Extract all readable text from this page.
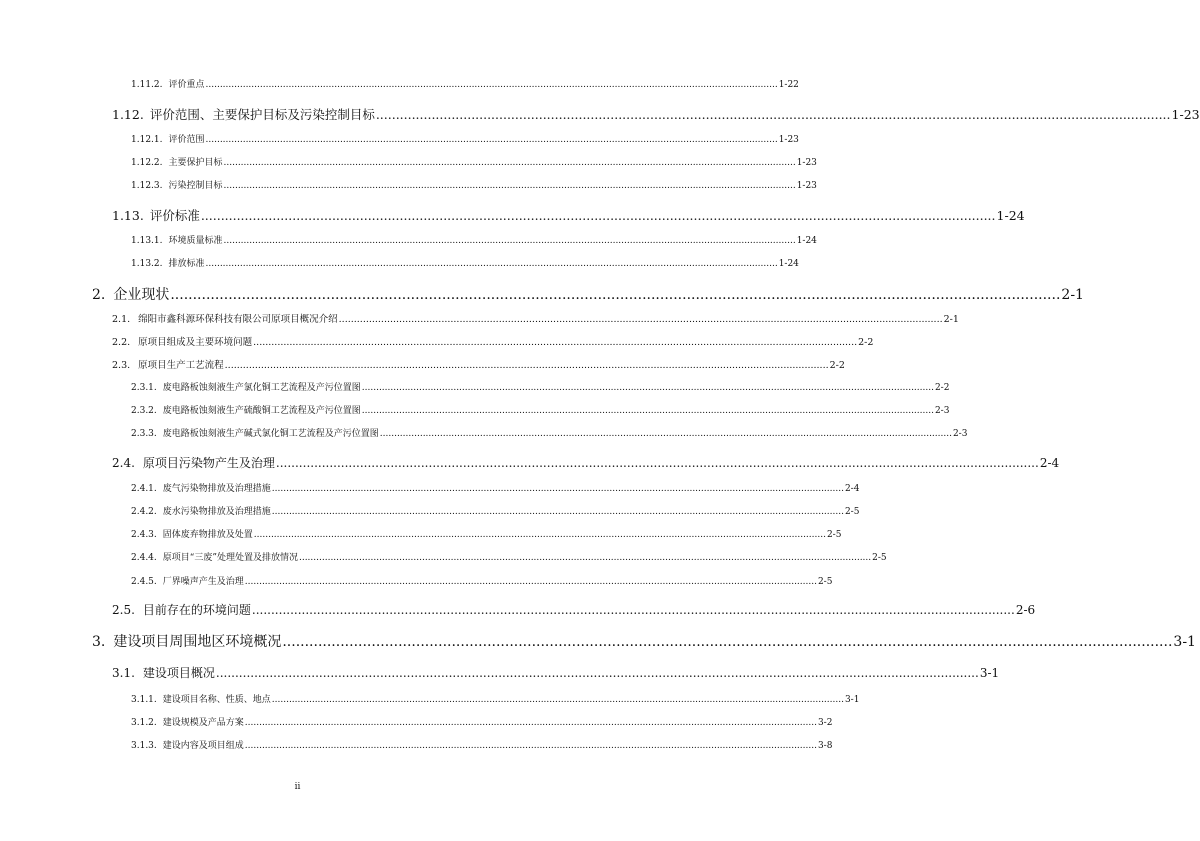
1.11.2. 评价重点 ........................................................................................................................................................................................................ 1-22
1.12. 评价范围、主要保护目标及污染控制目标 ........................................................................................................................................................................................................ 1-23
1.12.1. 评价范围 ........................................................................................................................................................................................................ 1-23
1.12.2. 主要保护目标 ........................................................................................................................................................................................................ 1-23
1.12.3. 污染控制目标 ........................................................................................................................................................................................................ 1-23
1.13. 评价标准 ........................................................................................................................................................................................................ 1-24
1.13.1. 环境质量标准 ........................................................................................................................................................................................................ 1-24
1.13.2. 排放标准 ........................................................................................................................................................................................................ 1-24
2. 企业现状 ........................................................................................................................................................................................................ 2-1
2.1. 绵阳市鑫科源环保科技有限公司原项目概况介绍 ........................................................................................................................................................................................................ 2-1
2.2. 原项目组成及主要环境问题 ........................................................................................................................................................................................................ 2-2
2.3. 原项目生产工艺流程 ........................................................................................................................................................................................................ 2-2
2.3.1. 废电路板蚀刻液生产氯化铜工艺流程及产污位置图 ........................................................................................................................................................................................................ 2-2
2.3.2. 废电路板蚀刻液生产硫酸铜工艺流程及产污位置图 ........................................................................................................................................................................................................ 2-3
2.3.3. 废电路板蚀刻液生产碱式氯化铜工艺流程及产污位置图 ........................................................................................................................................................................................................ 2-3
2.4. 原项目污染物产生及治理 ........................................................................................................................................................................................................ 2-4
2.4.1. 废气污染物排放及治理措施 ........................................................................................................................................................................................................ 2-4
2.4.2. 废水污染物排放及治理措施 ........................................................................................................................................................................................................ 2-5
2.4.3. 固体废弃物排放及处置 ........................................................................................................................................................................................................ 2-5
2.4.4. 原项目“三废”处理处置及排放情况 ........................................................................................................................................................................................................ 2-5
2.4.5. 厂界噪声产生及治理 ........................................................................................................................................................................................................ 2-5
2.5. 目前存在的环境问题 ........................................................................................................................................................................................................ 2-6
3. 建设项目周围地区环境概况 ........................................................................................................................................................................................................ 3-1
3.1. 建设项目概况 ........................................................................................................................................................................................................ 3-1
3.1.1. 建设项目名称、性质、地点 ........................................................................................................................................................................................................ 3-1
3.1.2. 建设规模及产品方案 ........................................................................................................................................................................................................ 3-2
3.1.3. 建设内容及项目组成 ........................................................................................................................................................................................................ 3-8
ii
